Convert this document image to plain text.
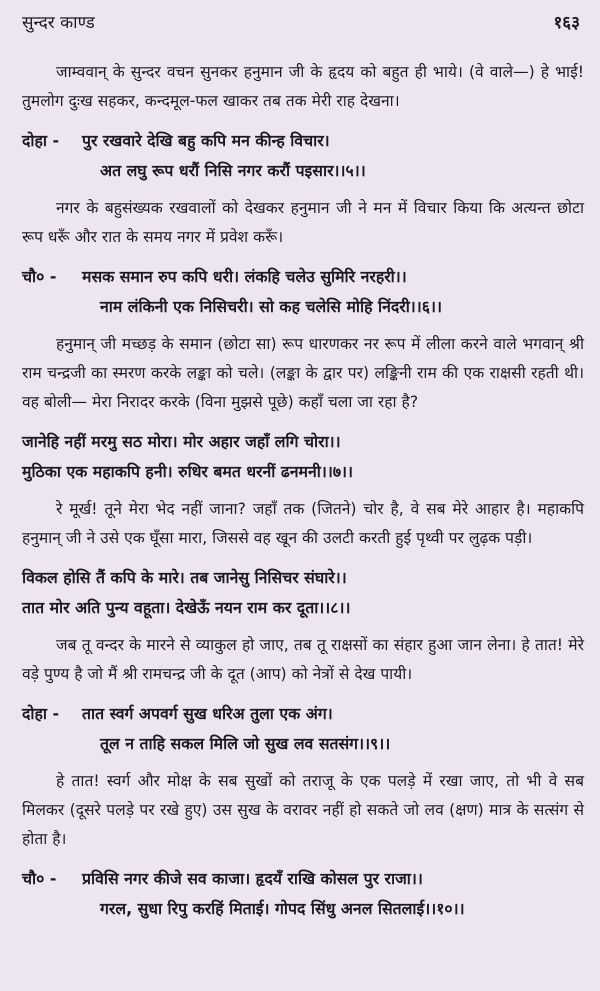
सुन्दर काण्ड	१६३

जाम्ववान् के सुन्दर वचन सुनकर हनुमान जी के हृदय को बहुत ही भाये। (वे वाले—) हे भाई! तुमलोग दुःख सहकर, कन्दमूल-फल खाकर तब तक मेरी राह देखना।

दोहा - पुर रखवारे देखि बहु कपि मन कीन्ह विचार।
अत लघु रूप धरौं निसि नगर करौं पइसार।।५।।

नगर के बहुसंख्यक रखवालों को देखकर हनुमान जी ने मन में विचार किया कि अत्यन्त छोटा रूप धरूँ और रात के समय नगर में प्रवेश करूँ।

चौ० - मसक समान रुप कपि धरी। लंकहि चलेउ सुमिरि नरहरी।।
नाम लंकिनी एक निसिचरी। सो कह चलेसि मोहि निंदरी।।६।।

हनुमान् जी मच्छड़ के समान (छोटा सा) रूप धारणकर नर रूप में लीला करने वाले भगवान् श्री राम चन्द्रजी का स्मरण करके लङ्का को चले। (लङ्का के द्वार पर) लङ्किनी राम की एक राक्षसी रहती थी। वह बोली— मेरा निरादर करके (विना मुझसे पूछे) कहाँ चला जा रहा है?

जानेहि नहीं मरमु सठ मोरा। मोर अहार जहाँ लगि चोरा।।
मुठिका एक महाकपि हनी। रुधिर बमत धरनीं ढनमनी।।७।।

रे मूर्ख! तूने मेरा भेद नहीं जाना? जहाँ तक (जितने) चोर है, वे सब मेरे आहार है। महाकपि हनुमान् जी ने उसे एक घूँसा मारा, जिससे वह खून की उलटी करती हुई पृथ्वी पर लुढ़क पड़ी।

विकल होसि तैं कपि के मारे। तब जानेसु निसिचर संघारे।।
तात मोर अति पुन्य वहूता। देखेऊँ नयन राम कर दूता।।८।।

जब तू वन्दर के मारने से व्याकुल हो जाए, तब तू राक्षसों का संहार हुआ जान लेना। हे तात! मेरे वड़े पुण्य है जो मैं श्री रामचन्द्र जी के दूत (आप) को नेत्रों से देख पायी।

दोहा - तात स्वर्ग अपवर्ग सुख धरिअ तुला एक अंग।
तूल न ताहि सकल मिलि जो सुख लव सतसंग।।९।।

हे तात! स्वर्ग और मोक्ष के सब सुखों को तराजू के एक पलड़े में रखा जाए, तो भी वे सब मिलकर (दूसरे पलड़े पर रखे हुए) उस सुख के वरावर नहीं हो सकते जो लव (क्षण) मात्र के सत्संग से होता है।

चौ० - प्रविसि नगर कीजे सव काजा। हृदयँ राखि कोसल पुर राजा।।
गरल, सुधा रिपु करहिं मिताई। गोपद सिंधु अनल सितलाई।।१०।।
